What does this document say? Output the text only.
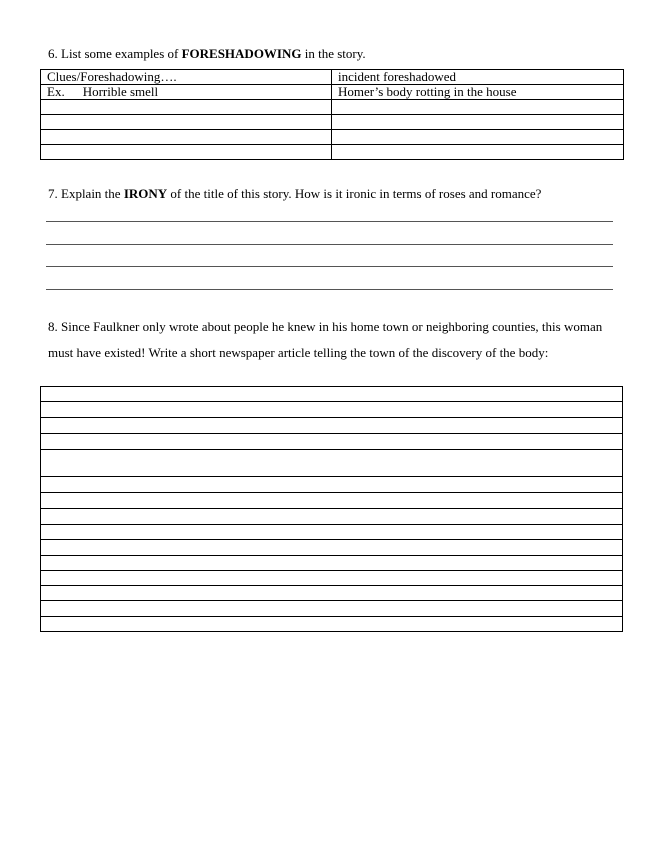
6. List some examples of FORESHADOWING in the story.
Clues/Foreshadowing….	incident foreshadowed
Ex. Horrible smell	Homer’s body rotting in the house

7. Explain the IRONY of the title of this story. How is it ironic in terms of roses and romance?
8. Since Faulkner only wrote about people he knew in his home town or neighboring counties, this woman
must have existed! Write a short newspaper article telling the town of the discovery of the body:
